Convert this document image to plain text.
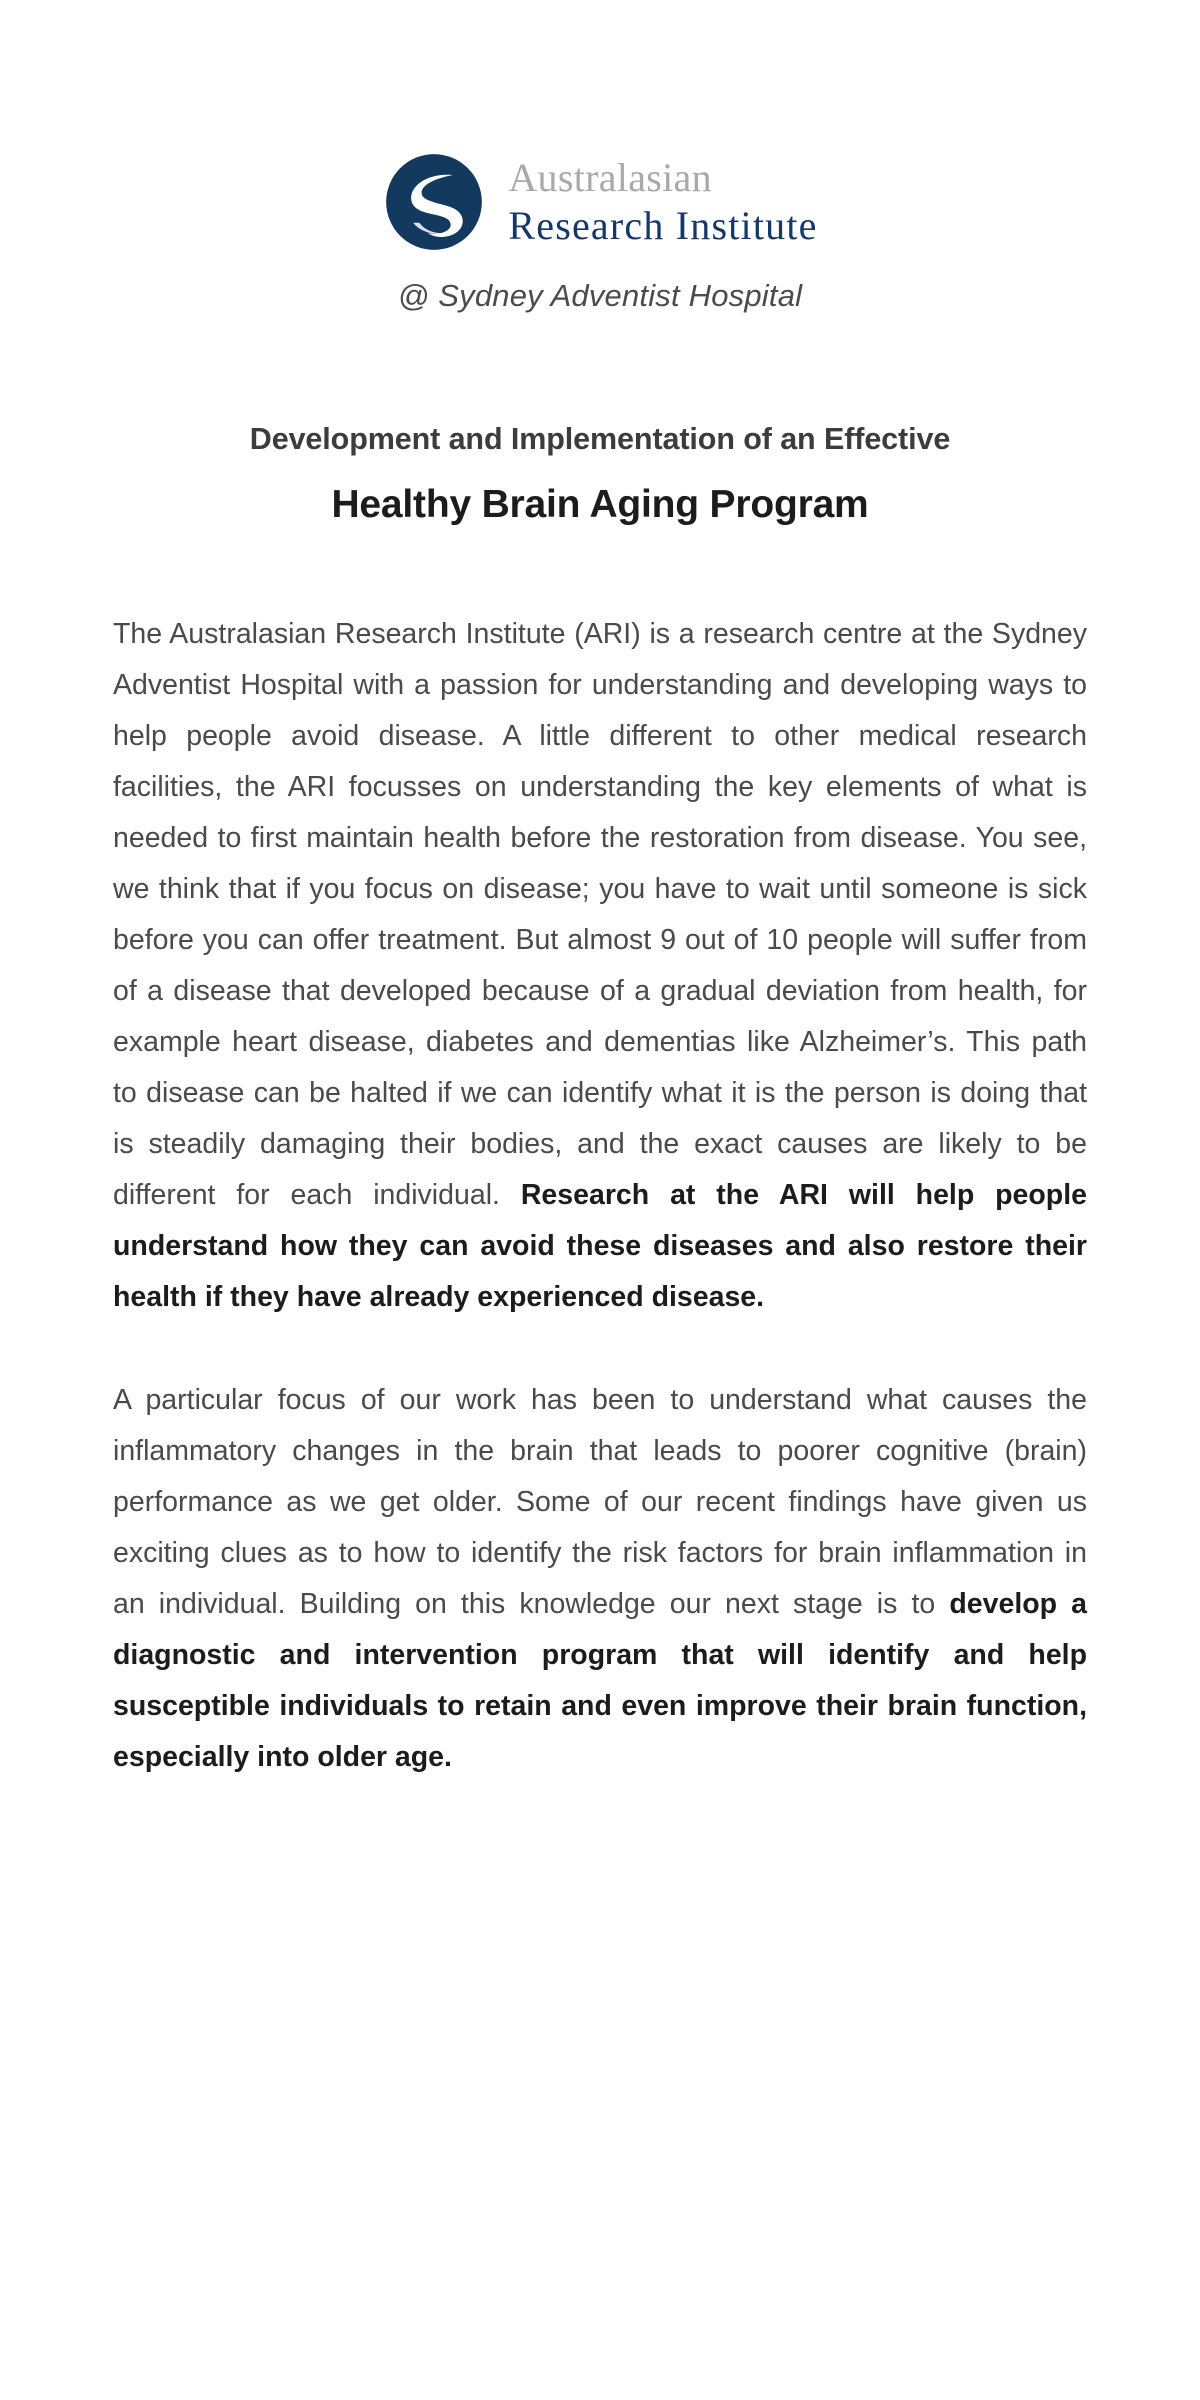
Australasian
Research Institute
@ Sydney Adventist Hospital
Development and Implementation of an Effective
Healthy Brain Aging Program

The Australasian Research Institute (ARI) is a research centre at the Sydney Adventist Hospital with a passion for understanding and developing ways to help people avoid disease. A little different to other medical research facilities, the ARI focusses on understanding the key elements of what is needed to first maintain health before the restoration from disease. You see, we think that if you focus on disease; you have to wait until someone is sick before you can offer treatment. But almost 9 out of 10 people will suffer from of a disease that developed because of a gradual deviation from health, for example heart disease, diabetes and dementias like Alzheimer’s. This path to disease can be halted if we can identify what it is the person is doing that is steadily damaging their bodies, and the exact causes are likely to be different for each individual. Research at the ARI will help people understand how they can avoid these diseases and also restore their health if they have already experienced disease.

A particular focus of our work has been to understand what causes the inflammatory changes in the brain that leads to poorer cognitive (brain) performance as we get older. Some of our recent findings have given us exciting clues as to how to identify the risk factors for brain inflammation in an individual. Building on this knowledge our next stage is to develop a diagnostic and intervention program that will identify and help susceptible individuals to retain and even improve their brain function, especially into older age.
